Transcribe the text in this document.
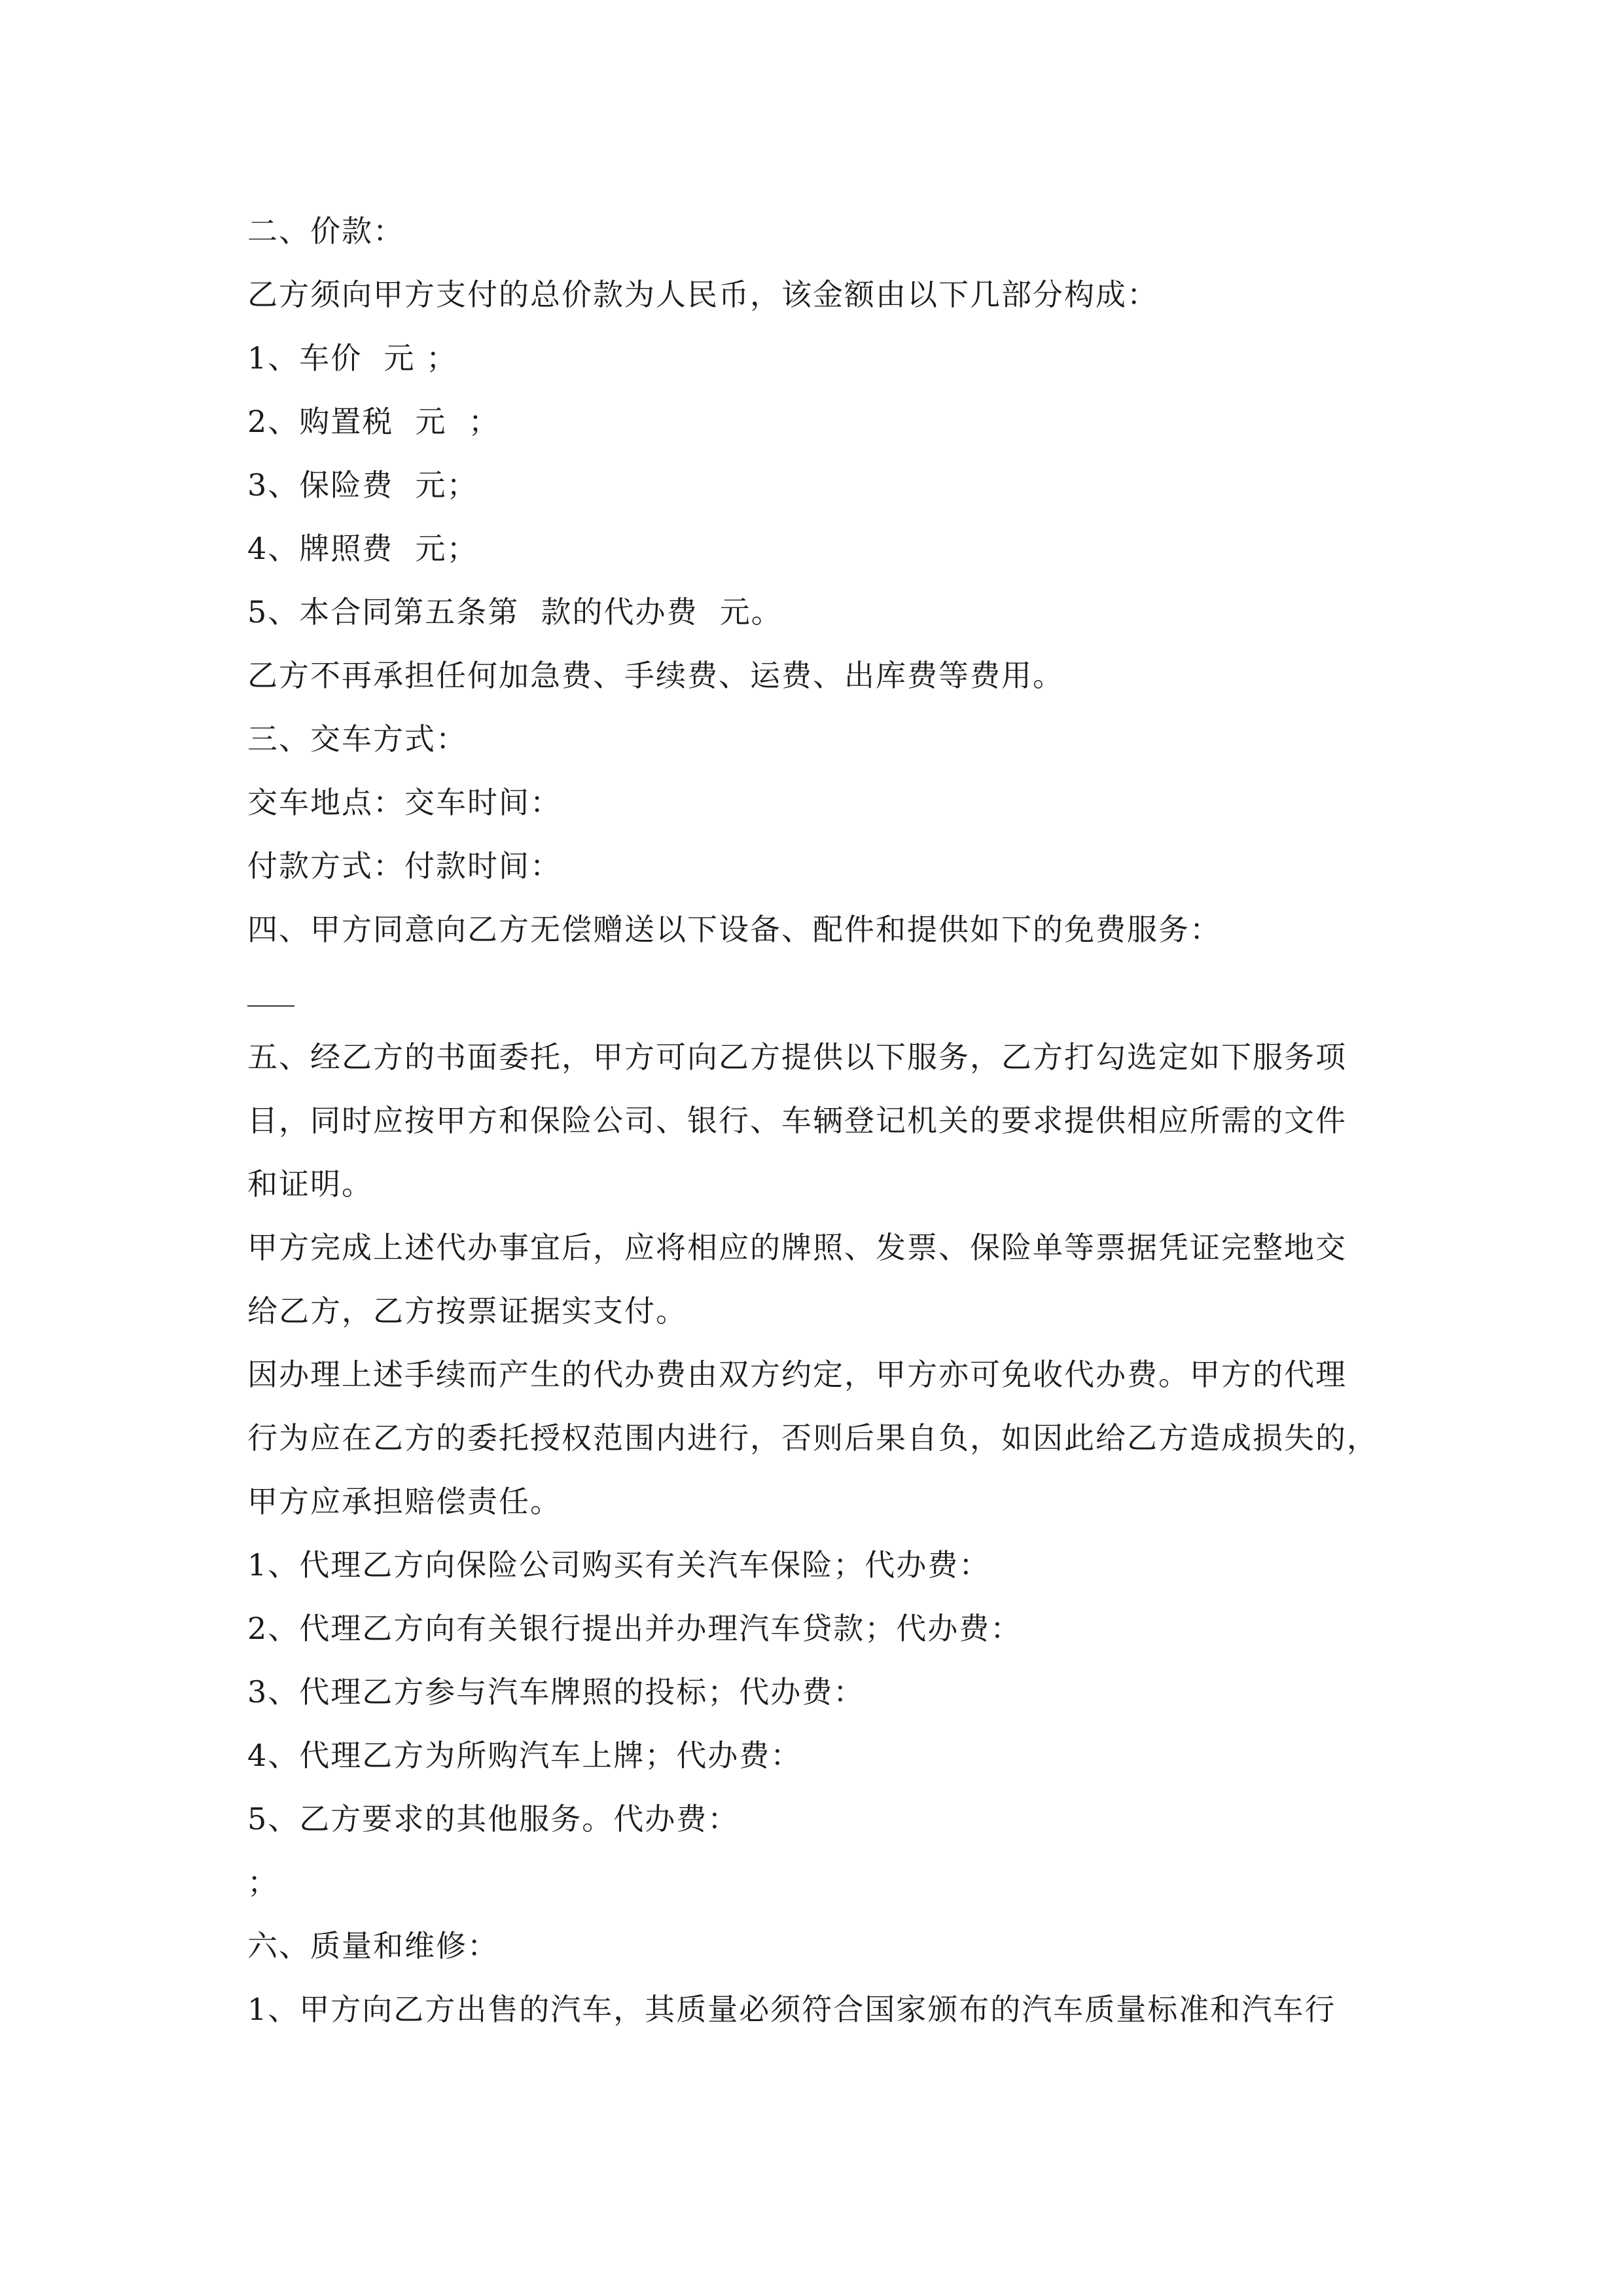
二、价款：
乙方须向甲方支付的总价款为人民币，该金额由以下几部分构成：
1、车价  元 ；
2、购置税  元  ；
3、保险费  元；
4、牌照费  元；
5、本合同第五条第  款的代办费  元。
乙方不再承担任何加急费、手续费、运费、出库费等费用。
三、交车方式：
交车地点：交车时间：
付款方式：付款时间：
四、甲方同意向乙方无偿赠送以下设备、配件和提供如下的免费服务：
五、经乙方的书面委托，甲方可向乙方提供以下服务，乙方打勾选定如下服务项
目，同时应按甲方和保险公司、银行、车辆登记机关的要求提供相应所需的文件
和证明。
甲方完成上述代办事宜后，应将相应的牌照、发票、保险单等票据凭证完整地交
给乙方，乙方按票证据实支付。
因办理上述手续而产生的代办费由双方约定，甲方亦可免收代办费。甲方的代理
行为应在乙方的委托授权范围内进行，否则后果自负，如因此给乙方造成损失的，
甲方应承担赔偿责任。
1、代理乙方向保险公司购买有关汽车保险；代办费：
2、代理乙方向有关银行提出并办理汽车贷款；代办费：
3、代理乙方参与汽车牌照的投标；代办费：
4、代理乙方为所购汽车上牌；代办费：
5、乙方要求的其他服务。代办费：
；
六、质量和维修：
1、甲方向乙方出售的汽车，其质量必须符合国家颁布的汽车质量标准和汽车行
